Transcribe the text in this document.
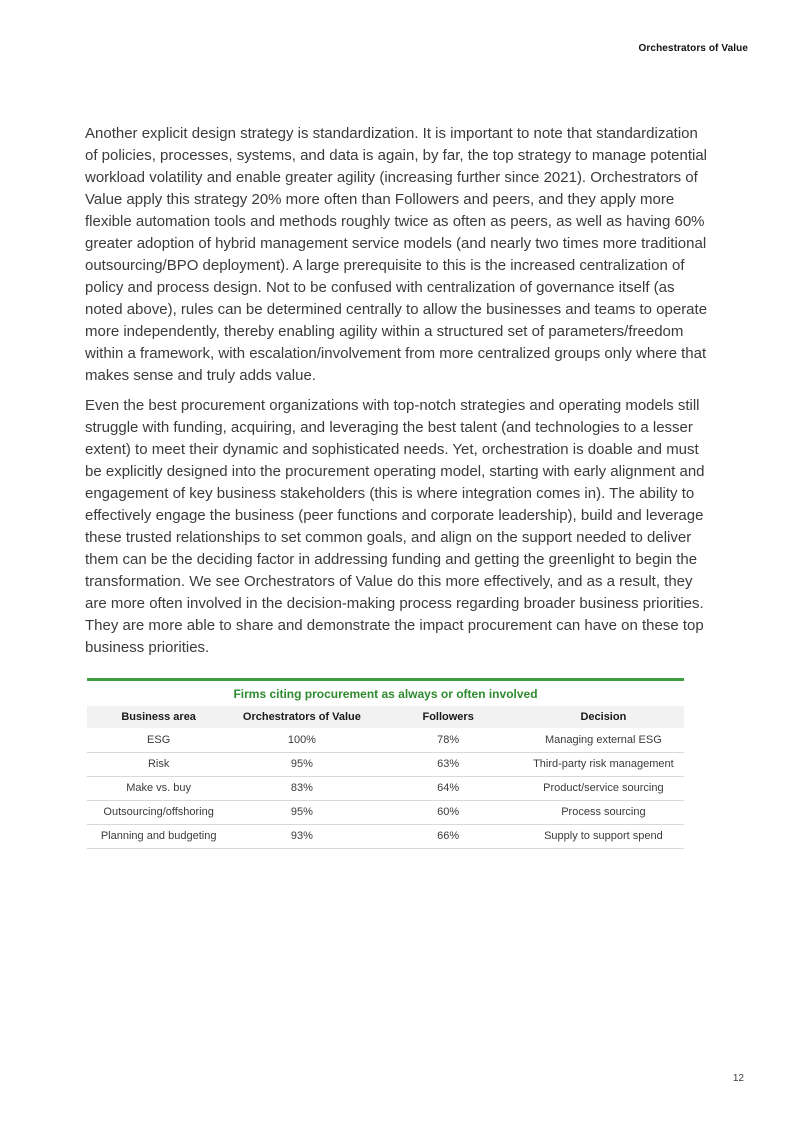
Orchestrators of Value

Another explicit design strategy is standardization. It is important to note that standardization of policies, processes, systems, and data is again, by far, the top strategy to manage potential workload volatility and enable greater agility (increasing further since 2021). Orchestrators of Value apply this strategy 20% more often than Followers and peers, and they apply more flexible automation tools and methods roughly twice as often as peers, as well as having 60% greater adoption of hybrid management service models (and nearly two times more traditional outsourcing/BPO deployment). A large prerequisite to this is the increased centralization of policy and process design. Not to be confused with centralization of governance itself (as noted above), rules can be determined centrally to allow the businesses and teams to operate more independently, thereby enabling agility within a structured set of parameters/freedom within a framework, with escalation/involvement from more centralized groups only where that makes sense and truly adds value.

Even the best procurement organizations with top-notch strategies and operating models still struggle with funding, acquiring, and leveraging the best talent (and technologies to a lesser extent) to meet their dynamic and sophisticated needs. Yet, orchestration is doable and must be explicitly designed into the procurement operating model, starting with early alignment and engagement of key business stakeholders (this is where integration comes in). The ability to effectively engage the business (peer functions and corporate leadership), build and leverage these trusted relationships to set common goals, and align on the support needed to deliver them can be the deciding factor in addressing funding and getting the greenlight to begin the transformation. We see Orchestrators of Value do this more effectively, and as a result, they are more often involved in the decision-making process regarding broader business priorities. They are more able to share and demonstrate the impact procurement can have on these top business priorities.

Firms citing procurement as always or often involved
Business area	Orchestrators of Value	Followers	Decision
ESG	100%	78%	Managing external ESG
Risk	95%	63%	Third-party risk management
Make vs. buy	83%	64%	Product/service sourcing
Outsourcing/offshoring	95%	60%	Process sourcing
Planning and budgeting	93%	66%	Supply to support spend
12
